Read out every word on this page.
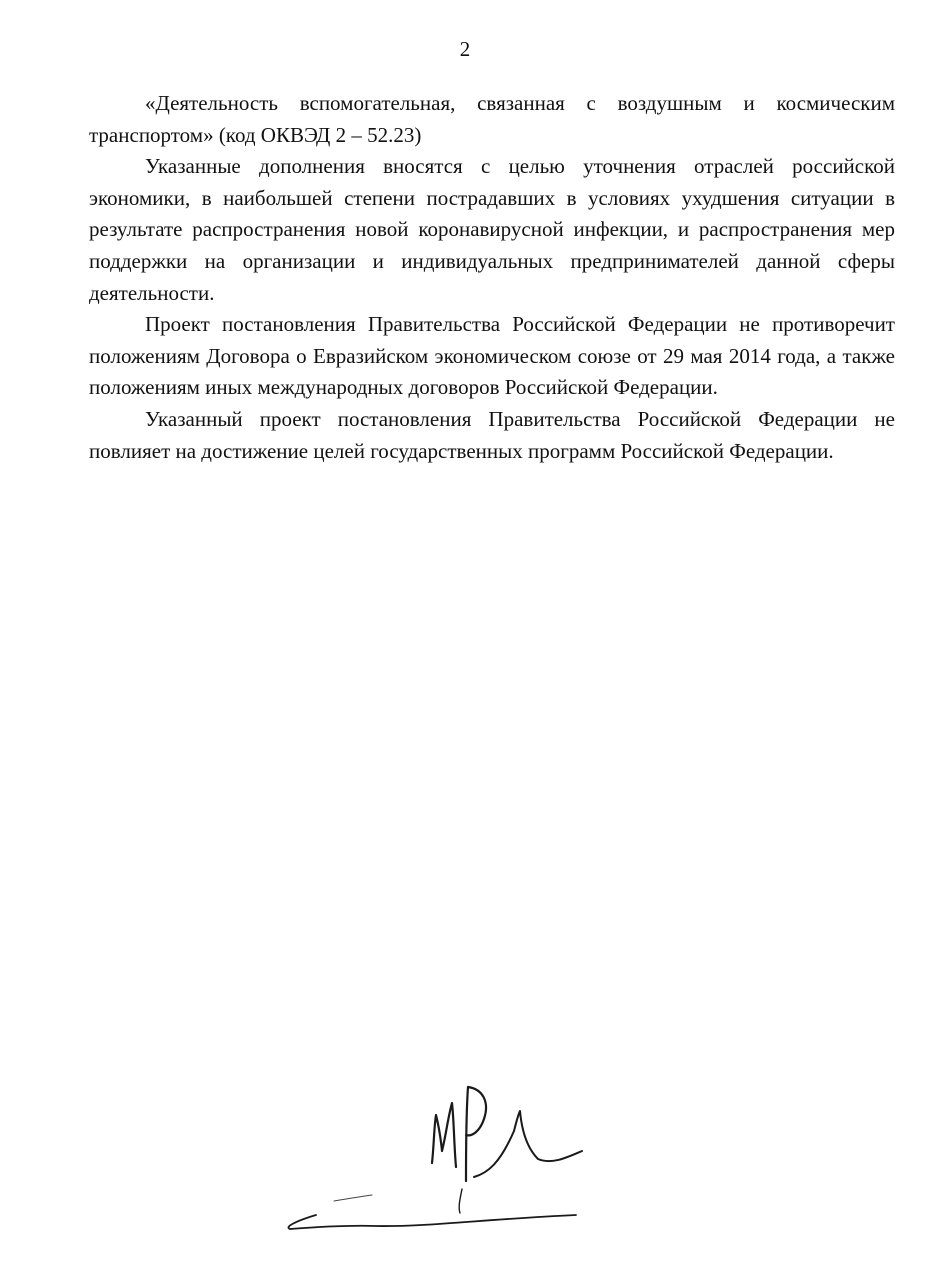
2

«Деятельность вспомогательная, связанная с воздушным и космическим транспортом» (код ОКВЭД 2 – 52.23)

Указанные дополнения вносятся с целью уточнения отраслей российской экономики, в наибольшей степени пострадавших в условиях ухудшения ситуации в результате распространения новой коронавирусной инфекции, и распространения мер поддержки на организации и индивидуальных предпринимателей данной сферы деятельности.

Проект постановления Правительства Российской Федерации не противоречит положениям Договора о Евразийском экономическом союзе от 29 мая 2014 года, а также положениям иных международных договоров Российской Федерации.

Указанный проект постановления Правительства Российской Федерации не повлияет на достижение целей государственных программ Российской Федерации.
